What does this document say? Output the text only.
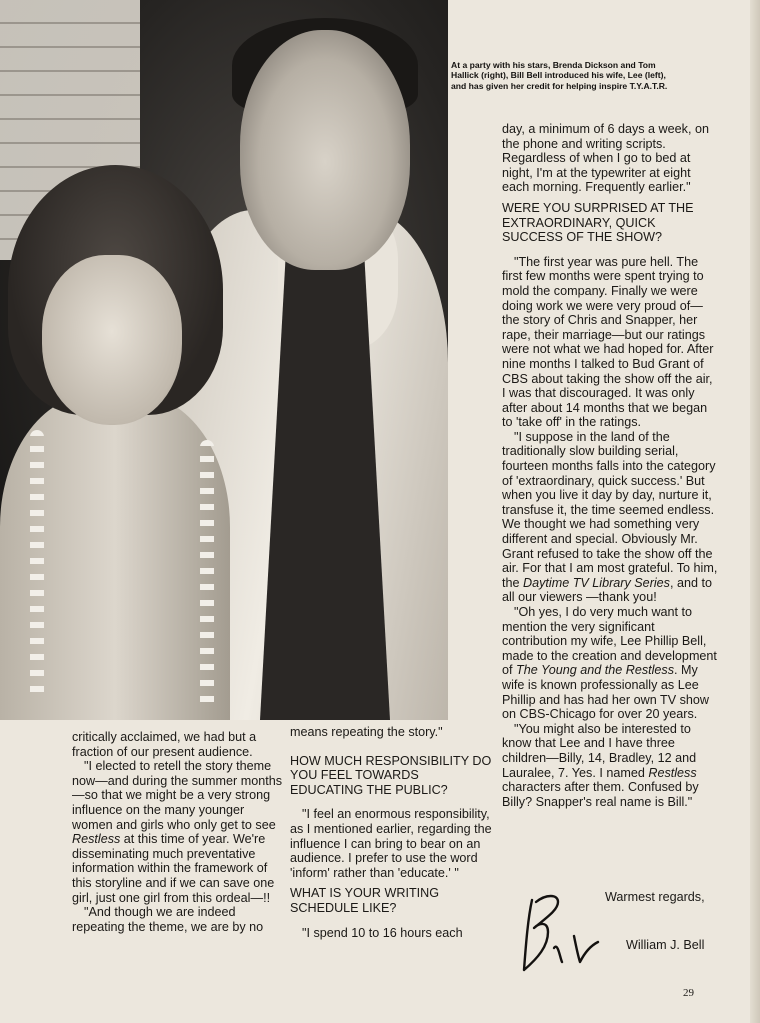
At a party with his stars, Brenda Dickson and Tom Hallick (right), Bill Bell introduced his wife, Lee (left), and has given her credit for helping inspire T.Y.A.T.R.

day, a minimum of 6 days a week, on the phone and writing scripts. Regardless of when I go to bed at night, I'm at the typewriter at eight each morning. Frequently earlier."

WERE YOU SURPRISED AT THE EXTRAORDINARY, QUICK SUCCESS OF THE SHOW?

"The first year was pure hell. The first few months were spent trying to mold the company. Finally we were doing work we were very proud of—the story of Chris and Snapper, her rape, their marriage—but our ratings were not what we had hoped for. After nine months I talked to Bud Grant of CBS about taking the show off the air, I was that discouraged. It was only after about 14 months that we began to 'take off' in the ratings.

"I suppose in the land of the traditionally slow building serial, fourteen months falls into the category of 'extraordinary, quick success.' But when you live it day by day, nurture it, transfuse it, the time seemed endless. We thought we had something very different and special. Obviously Mr. Grant refused to take the show off the air. For that I am most grateful. To him, the Daytime TV Library Series, and to all our viewers —thank you!

"Oh yes, I do very much want to mention the very significant contribution my wife, Lee Phillip Bell, made to the creation and development of The Young and the Restless. My wife is known professionally as Lee Phillip and has had her own TV show on CBS-Chicago for over 20 years.

"You might also be interested to know that Lee and I have three children—Billy, 14, Bradley, 12 and Lauralee, 7. Yes. I named Restless characters after them. Confused by Billy? Snapper's real name is Bill."

critically acclaimed, we had but a fraction of our present audience.

"I elected to retell the story theme now—and during the summer months—so that we might be a very strong influence on the many younger women and girls who only get to see Restless at this time of year. We're disseminating much preventative information within the framework of this storyline and if we can save one girl, just one girl from this ordeal—!!

"And though we are indeed repeating the theme, we are by no

means repeating the story."

HOW MUCH RESPONSIBILITY DO YOU FEEL TOWARDS EDUCATING THE PUBLIC?

"I feel an enormous responsibility, as I mentioned earlier, regarding the influence I can bring to bear on an audience. I prefer to use the word 'inform' rather than 'educate.' "

WHAT IS YOUR WRITING SCHEDULE LIKE?

"I spend 10 to 16 hours each

Warmest regards,
William J. Bell
29
